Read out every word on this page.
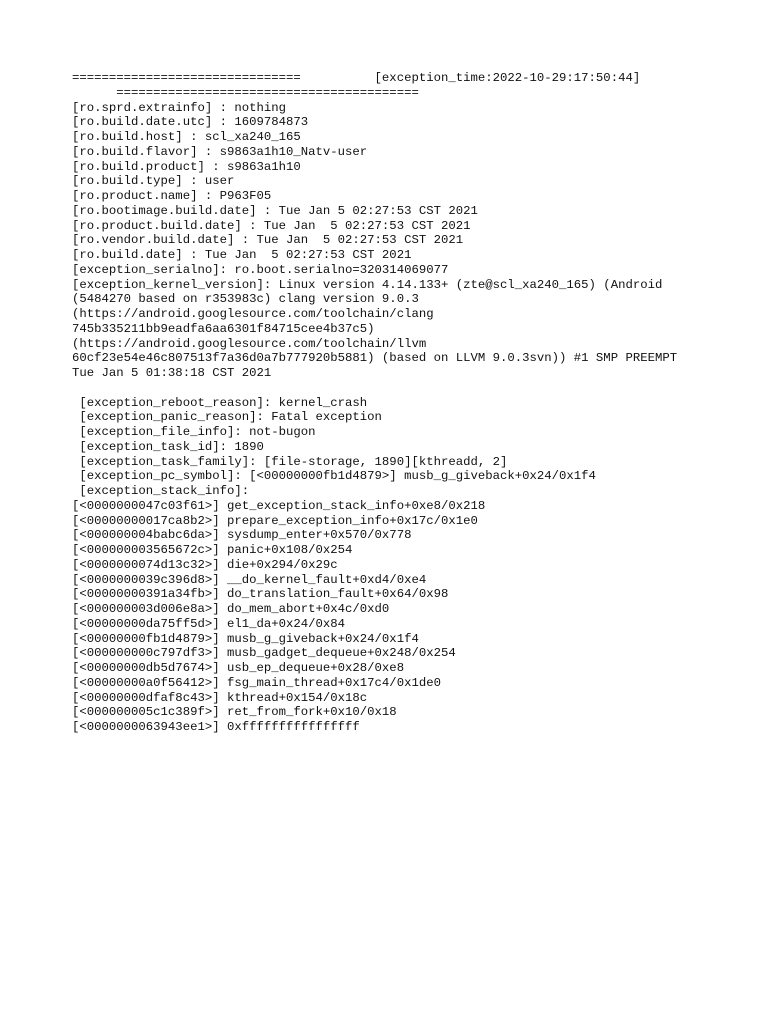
===============================          [exception_time:2022-10-29:17:50:44]
=========================================
[ro.sprd.extrainfo] : nothing
[ro.build.date.utc] : 1609784873
[ro.build.host] : scl_xa240_165
[ro.build.flavor] : s9863a1h10_Natv-user
[ro.build.product] : s9863a1h10
[ro.build.type] : user
[ro.product.name] : P963F05
[ro.bootimage.build.date] : Tue Jan 5 02:27:53 CST 2021
[ro.product.build.date] : Tue Jan  5 02:27:53 CST 2021
[ro.vendor.build.date] : Tue Jan  5 02:27:53 CST 2021
[ro.build.date] : Tue Jan  5 02:27:53 CST 2021
[exception_serialno]: ro.boot.serialno=320314069077
[exception_kernel_version]: Linux version 4.14.133+ (zte@scl_xa240_165) (Android
(5484270 based on r353983c) clang version 9.0.3
(https://android.googlesource.com/toolchain/clang
745b335211bb9eadfa6aa6301f84715cee4b37c5)
(https://android.googlesource.com/toolchain/llvm
60cf23e54e46c807513f7a36d0a7b777920b5881) (based on LLVM 9.0.3svn)) #1 SMP PREEMPT
Tue Jan 5 01:38:18 CST 2021
[exception_reboot_reason]: kernel_crash
[exception_panic_reason]: Fatal exception
[exception_file_info]: not-bugon
[exception_task_id]: 1890
[exception_task_family]: [file-storage, 1890][kthreadd, 2]
[exception_pc_symbol]: [<00000000fb1d4879>] musb_g_giveback+0x24/0x1f4
[exception_stack_info]:
[<0000000047c03f61>] get_exception_stack_info+0xe8/0x218
[<00000000017ca8b2>] prepare_exception_info+0x17c/0x1e0
[<000000004babc6da>] sysdump_enter+0x570/0x778
[<000000003565672c>] panic+0x108/0x254
[<0000000074d13c32>] die+0x294/0x29c
[<0000000039c396d8>] __do_kernel_fault+0xd4/0xe4
[<00000000391a34fb>] do_translation_fault+0x64/0x98
[<000000003d006e8a>] do_mem_abort+0x4c/0xd0
[<00000000da75ff5d>] el1_da+0x24/0x84
[<00000000fb1d4879>] musb_g_giveback+0x24/0x1f4
[<000000000c797df3>] musb_gadget_dequeue+0x248/0x254
[<00000000db5d7674>] usb_ep_dequeue+0x28/0xe8
[<00000000a0f56412>] fsg_main_thread+0x17c4/0x1de0
[<00000000dfaf8c43>] kthread+0x154/0x18c
[<000000005c1c389f>] ret_from_fork+0x10/0x18
[<0000000063943ee1>] 0xffffffffffffffff
